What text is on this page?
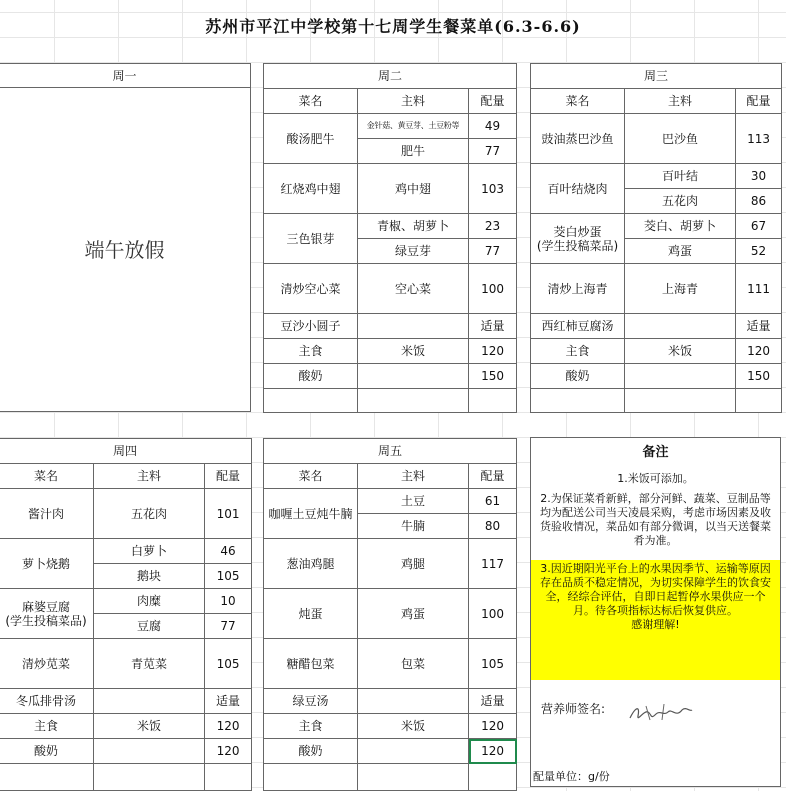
苏州市平江中学校第十七周学生餐菜单(6.3-6.6)
周一
端午放假
周二		
菜名	主料	配量
酸汤肥牛	金针菇、黄豆芽、土豆粉等	49
	肥牛	77
红烧鸡中翅	鸡中翅	103
三色银芽	青椒、胡萝卜	23
	绿豆芽	77
清炒空心菜	空心菜	100
豆沙小圆子		适量
主食	米饭	120
酸奶		150

周三		
菜名	主料	配量
豉油蒸巴沙鱼	巴沙鱼	113
百叶结烧肉	百叶结	30
	五花肉	86

茭白炒蛋
(学生投稿菜品)	茭白、胡萝卜	67
	鸡蛋	52
清炒上海青	上海青	111
西红柿豆腐汤		适量
主食	米饭	120
酸奶		150

周四		
菜名	主料	配量
酱汁肉	五花肉	101
萝卜烧鹅	白萝卜	46
	鹅块	105

麻婆豆腐
(学生投稿菜品)	肉糜	10
	豆腐	77
清炒苋菜	青苋菜	105
冬瓜排骨汤		适量
主食	米饭	120
酸奶		120

周五		
菜名	主料	配量
咖喱土豆炖牛腩	土豆	61
	牛腩	80
葱油鸡腿	鸡腿	117
炖蛋	鸡蛋	100
糖醋包菜	包菜	105
绿豆汤		适量
主食	米饭	120
酸奶		120

备注
1.米饭可添加。
2.为保证菜肴新鲜，部分河鲜、蔬菜、豆制品等均为配送公司当天凌晨采购，考虑市场因素及收货验收情况，菜品如有部分微调，以当天送餐菜肴为准。
3.因近期阳光平台上的水果因季节、运输等原因存在品质不稳定情况，为切实保障学生的饮食安全，经综合评估，自即日起暂停水果供应一个月。待各项指标达标后恢复供应。
感谢理解!
营养师签名:
配量单位：g/份
